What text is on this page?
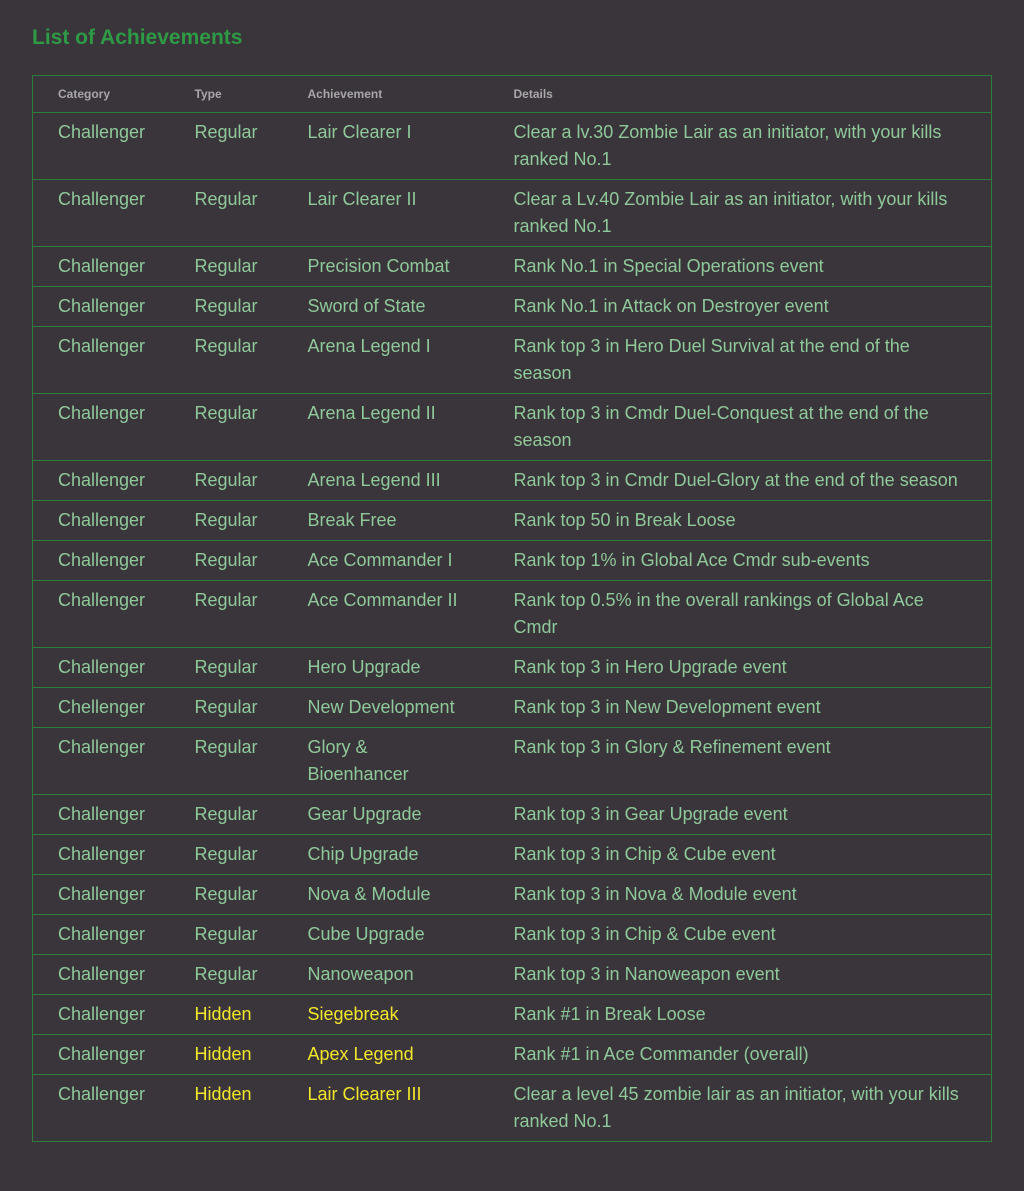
List of Achievements
Category	Type	Achievement	Details
Challenger	Regular	Lair Clearer I	Clear a lv.30 Zombie Lair as an initiator, with your kills ranked No.1
Challenger	Regular	Lair Clearer II	Clear a Lv.40 Zombie Lair as an initiator, with your kills ranked No.1
Challenger	Regular	Precision Combat	Rank No.1 in Special Operations event
Challenger	Regular	Sword of State	Rank No.1 in Attack on Destroyer event
Challenger	Regular	Arena Legend I	Rank top 3 in Hero Duel Survival at the end of the season
Challenger	Regular	Arena Legend II	Rank top 3 in Cmdr Duel-Conquest at the end of the season
Challenger	Regular	Arena Legend III	Rank top 3 in Cmdr Duel-Glory at the end of the season
Challenger	Regular	Break Free	Rank top 50 in Break Loose
Challenger	Regular	Ace Commander I	Rank top 1% in Global Ace Cmdr sub-events
Challenger	Regular	Ace Commander II	Rank top 0.5% in the overall rankings of Global Ace Cmdr
Challenger	Regular	Hero Upgrade	Rank top 3 in Hero Upgrade event
Chellenger	Regular	New Development	Rank top 3 in New Development event
Challenger	Regular	Glory & Bioenhancer	Rank top 3 in Glory & Refinement event
Challenger	Regular	Gear Upgrade	Rank top 3 in Gear Upgrade event
Challenger	Regular	Chip Upgrade	Rank top 3 in Chip & Cube event
Challenger	Regular	Nova & Module	Rank top 3 in Nova & Module event
Challenger	Regular	Cube Upgrade	Rank top 3 in Chip & Cube event
Challenger	Regular	Nanoweapon	Rank top 3 in Nanoweapon event
Challenger	Hidden	Siegebreak	Rank #1 in Break Loose
Challenger	Hidden	Apex Legend	Rank #1 in Ace Commander (overall)
Challenger	Hidden	Lair Clearer III	Clear a level 45 zombie lair as an initiator, with your kills ranked No.1
